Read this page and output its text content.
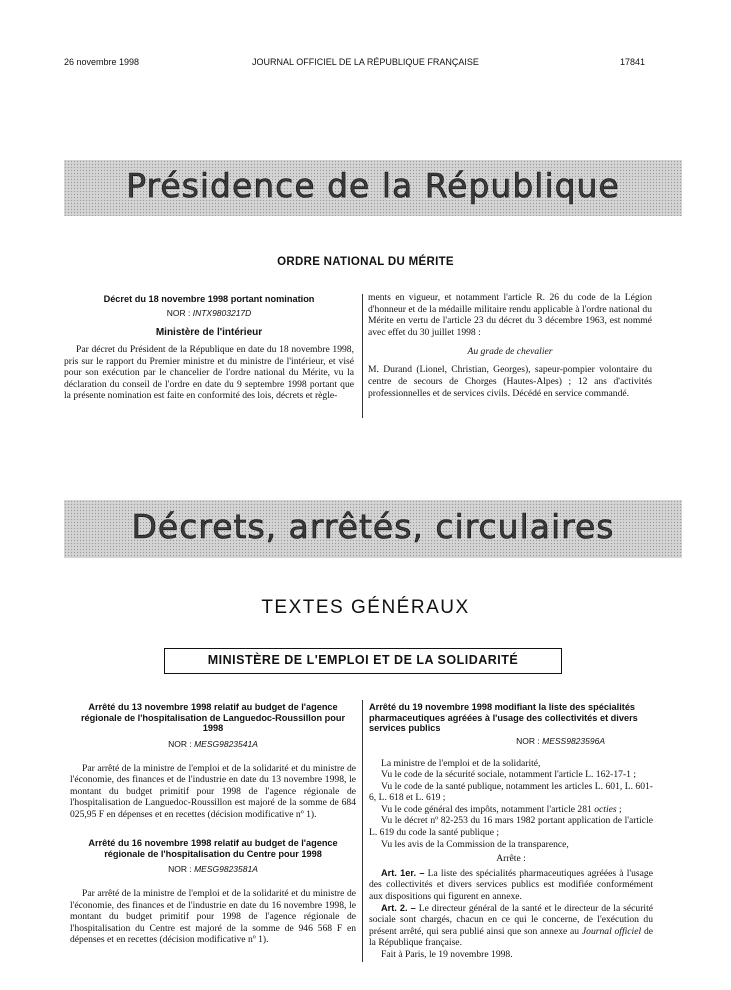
26 novembre 1998	JOURNAL OFFICIEL DE LA RÉPUBLIQUE FRANÇAISE	17841
Présidence de la République
ORDRE NATIONAL DU MÉRITE
Décret du 18 novembre 1998 portant nomination
NOR : INTX9803217D
Ministère de l'intérieur

Par décret du Président de la République en date du 18 novembre 1998, pris sur le rapport du Premier ministre et du ministre de l'intérieur, et visé pour son exécution par le chancelier de l'ordre national du Mérite, vu la déclaration du conseil de l'ordre en date du 9 septembre 1998 portant que la présente nomination est faite en conformité des lois, décrets et règle-

ments en vigueur, et notamment l'article R. 26 du code de la Légion d'honneur et de la médaille militaire rendu applicable à l'ordre national du Mérite en vertu de l'article 23 du décret du 3 décembre 1963, est nommé avec effet du 30 juillet 1998 :

Au grade de chevalier

M. Durand (Lionel, Christian, Georges), sapeur-pompier volontaire du centre de secours de Chorges (Hautes-Alpes) ; 12 ans d'activités professionnelles et de services civils. Décédé en service commandé.

Décrets, arrêtés, circulaires
TEXTES GÉNÉRAUX
MINISTÈRE DE L'EMPLOI ET DE LA SOLIDARITÉ
Arrêté du 13 novembre 1998 relatif au budget de l'agence régionale de l'hospitalisation de Languedoc-Roussillon pour 1998
NOR : MESG9823541A

Par arrêté de la ministre de l'emploi et de la solidarité et du ministre de l'économie, des finances et de l'industrie en date du 13 novembre 1998, le montant du budget primitif pour 1998 de l'agence régionale de l'hospitalisation de Languedoc-Roussillon est majoré de la somme de 684 025,95 F en dépenses et en recettes (décision modificative nº 1).

Arrêté du 16 novembre 1998 relatif au budget de l'agence régionale de l'hospitalisation du Centre pour 1998
NOR : MESG9823581A

Par arrêté de la ministre de l'emploi et de la solidarité et du ministre de l'économie, des finances et de l'industrie en date du 16 novembre 1998, le montant du budget primitif pour 1998 de l'agence régionale de l'hospitalisation du Centre est majoré de la somme de 946 568 F en dépenses et en recettes (décision modificative nº 1).

Arrêté du 19 novembre 1998 modifiant la liste des spécialités pharmaceutiques agréées à l'usage des collectivités et divers services publics
NOR : MESS9823596A

La ministre de l'emploi et de la solidarité,

Vu le code de la sécurité sociale, notamment l'article L. 162-17-1 ;

Vu le code de la santé publique, notamment les articles L. 601, L. 601-6, L. 618 et L. 619 ;

Vu le code général des impôts, notamment l'article 281 octies ;

Vu le décret nº 82-253 du 16 mars 1982 portant application de l'article L. 619 du code la santé publique ;

Vu les avis de la Commission de la transparence,

Arrête :

Art. 1er. – La liste des spécialités pharmaceutiques agréées à l'usage des collectivités et divers services publics est modifiée conformément aux dispositions qui figurent en annexe.

Art. 2. – Le directeur général de la santé et le directeur de la sécurité sociale sont chargés, chacun en ce qui le concerne, de l'exécution du présent arrêté, qui sera publié ainsi que son annexe au Journal officiel de la République française.

Fait à Paris, le 19 novembre 1998.
